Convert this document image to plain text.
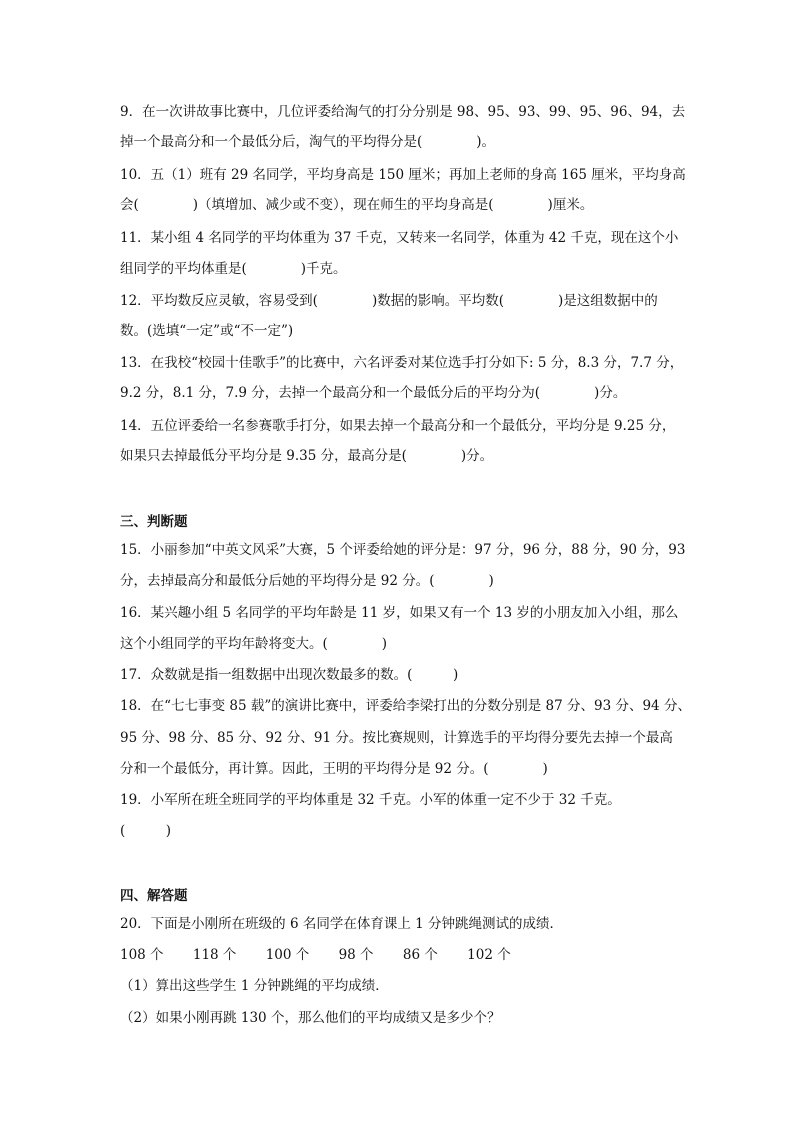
9．在一次讲故事比赛中，几位评委给淘气的打分分别是 98、95、93、99、95、96、94，去
掉一个最高分和一个最低分后，淘气的平均得分是(　　　　)。
10．五（1）班有 29 名同学，平均身高是 150 厘米；再加上老师的身高 165 厘米，平均身高
会(　　　　)（填增加、减少或不变），现在师生的平均身高是(　　　　)厘米。
11．某小组 4 名同学的平均体重为 37 千克，又转来一名同学，体重为 42 千克，现在这个小
组同学的平均体重是(　　　　)千克。
12．平均数反应灵敏，容易受到(　　　　)数据的影响。平均数(　　　　)是这组数据中的
数。(选填“一定”或“不一定”)
13．在我校“校园十佳歌手”的比赛中，六名评委对某位选手打分如下: 5 分，8.3 分，7.7 分，
9.2 分，8.1 分，7.9 分，去掉一个最高分和一个最低分后的平均分为(　　　　)分。
14．五位评委给一名参赛歌手打分，如果去掉一个最高分和一个最低分，平均分是 9.25 分，
如果只去掉最低分平均分是 9.35 分，最高分是(　　　　)分。
三、判断题
15．小丽参加“中英文风采”大赛，5 个评委给她的评分是：97 分，96 分，88 分，90 分，93
分，去掉最高分和最低分后她的平均得分是 92 分。(　　　　)
16．某兴趣小组 5 名同学的平均年龄是 11 岁，如果又有一个 13 岁的小朋友加入小组，那么
这个小组同学的平均年龄将变大。(　　　　)
17．众数就是指一组数据中出现次数最多的数。(　　　)
18．在“七七事变 85 载”的演讲比赛中，评委给李梁打出的分数分别是 87 分、93 分、94 分、
95 分、98 分、85 分、92 分、91 分。按比赛规则，计算选手的平均得分要先去掉一个最高
分和一个最低分，再计算。因此，王明的平均得分是 92 分。(　　　　)
19．小军所在班全班同学的平均体重是 32 千克。小军的体重一定不少于 32 千克。
(　　　)
四、解答题
20．下面是小刚所在班级的 6 名同学在体育课上 1 分钟跳绳测试的成绩．
108 个 118 个 100 个 98 个 86 个 102 个
（1）算出这些学生 1 分钟跳绳的平均成绩．
（2）如果小刚再跳 130 个，那么他们的平均成绩又是多少个？
